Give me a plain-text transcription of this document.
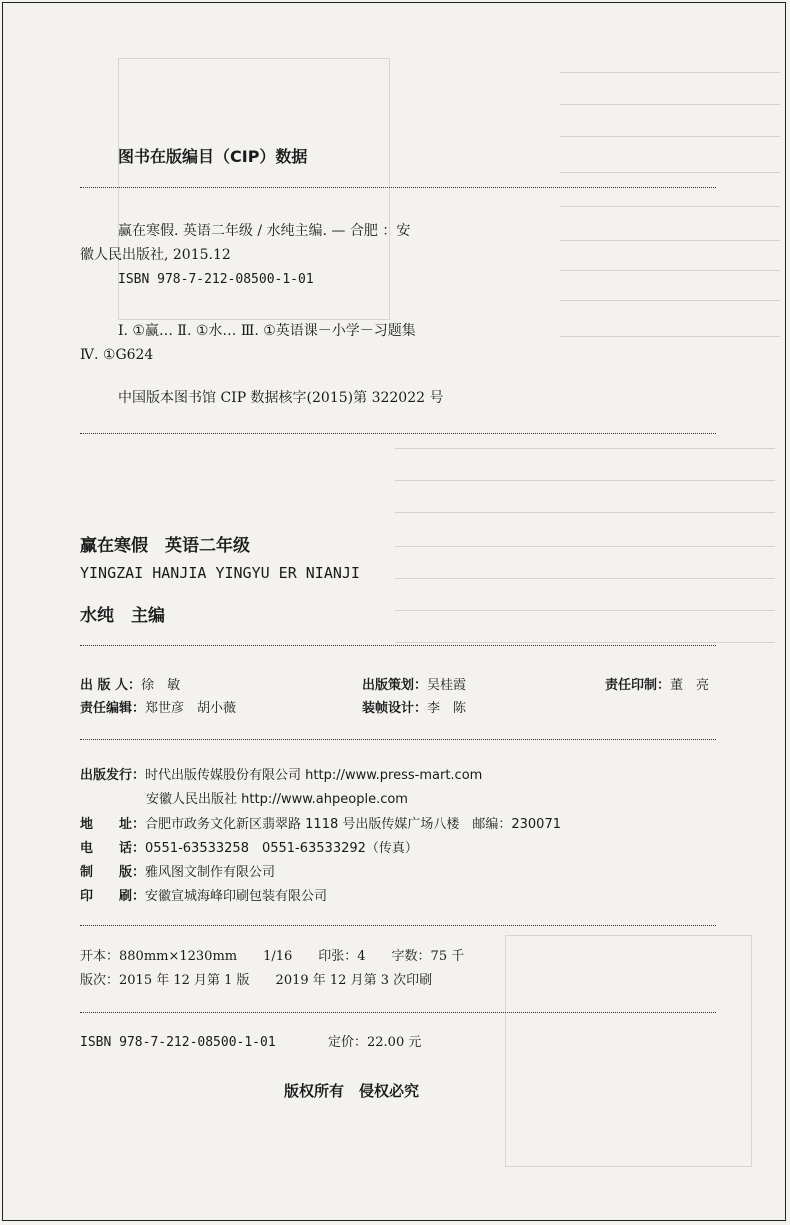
图书在版编目（CIP）数据
赢在寒假. 英语二年级 / 水纯主编. — 合肥 ：安
徽人民出版社, 2015.12
ISBN 978-7-212-08500-1-01
Ⅰ. ①赢… Ⅱ. ①水… Ⅲ. ①英语课－小学－习题集
Ⅳ. ①G624
中国版本图书馆 CIP 数据核字(2015)第 322022 号
赢在寒假　英语二年级
YINGZAI HANJIA YINGYU ER NIANJI
水纯　主编
出 版 人：徐　敏	出版策划：吴桂霞	责任印制：董　亮
责任编辑：郑世彦　胡小薇	装帧设计：李　陈
出版发行：时代出版传媒股份有限公司 http://www.press-mart.com
安徽人民出版社 http://www.ahpeople.com
地　　址：合肥市政务文化新区翡翠路 1118 号出版传媒广场八楼　邮编：230071
电　　话：0551-63533258　0551-63533292（传真）
制　　版：雅风图文制作有限公司
印　　刷：安徽宣城海峰印刷包装有限公司
开本：880mm×1230mm　　1/16　　印张：4　　字数：75 千
版次：2015 年 12 月第 1 版　　2019 年 12 月第 3 次印刷
ISBN 978-7-212-08500-1-01	定价：22.00 元
版权所有　侵权必究
